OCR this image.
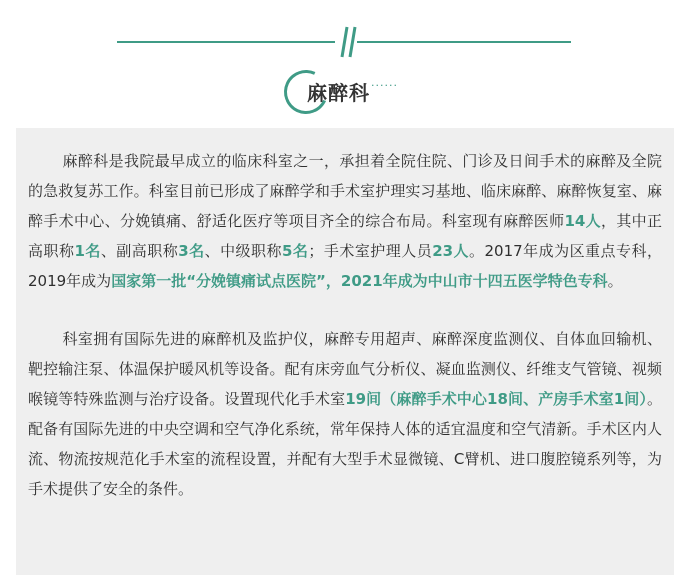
麻醉科 ······

麻醉科是我院最早成立的临床科室之一，承担着全院住院、门诊及日间手术的麻醉及全院的急救复苏工作。科室目前已形成了麻醉学和手术室护理实习基地、临床麻醉、麻醉恢复室、麻醉手术中心、分娩镇痛、舒适化医疗等项目齐全的综合布局。科室现有麻醉医师14人，其中正高职称1名、副高职称3名、中级职称5名；手术室护理人员23人。2017年成为区重点专科，2019年成为国家第一批“分娩镇痛试点医院”，2021年成为中山市十四五医学特色专科。

科室拥有国际先进的麻醉机及监护仪，麻醉专用超声、麻醉深度监测仪、自体血回输机、靶控输注泵、体温保护暖风机等设备。配有床旁血气分析仪、凝血监测仪、纤维支气管镜、视频喉镜等特殊监测与治疗设备。设置现代化手术室19间（麻醉手术中心18间、产房手术室1间）。配备有国际先进的中央空调和空气净化系统，常年保持人体的适宜温度和空气清新。手术区内人流、物流按规范化手术室的流程设置，并配有大型手术显微镜、C臂机、进口腹腔镜系列等，为手术提供了安全的条件。
